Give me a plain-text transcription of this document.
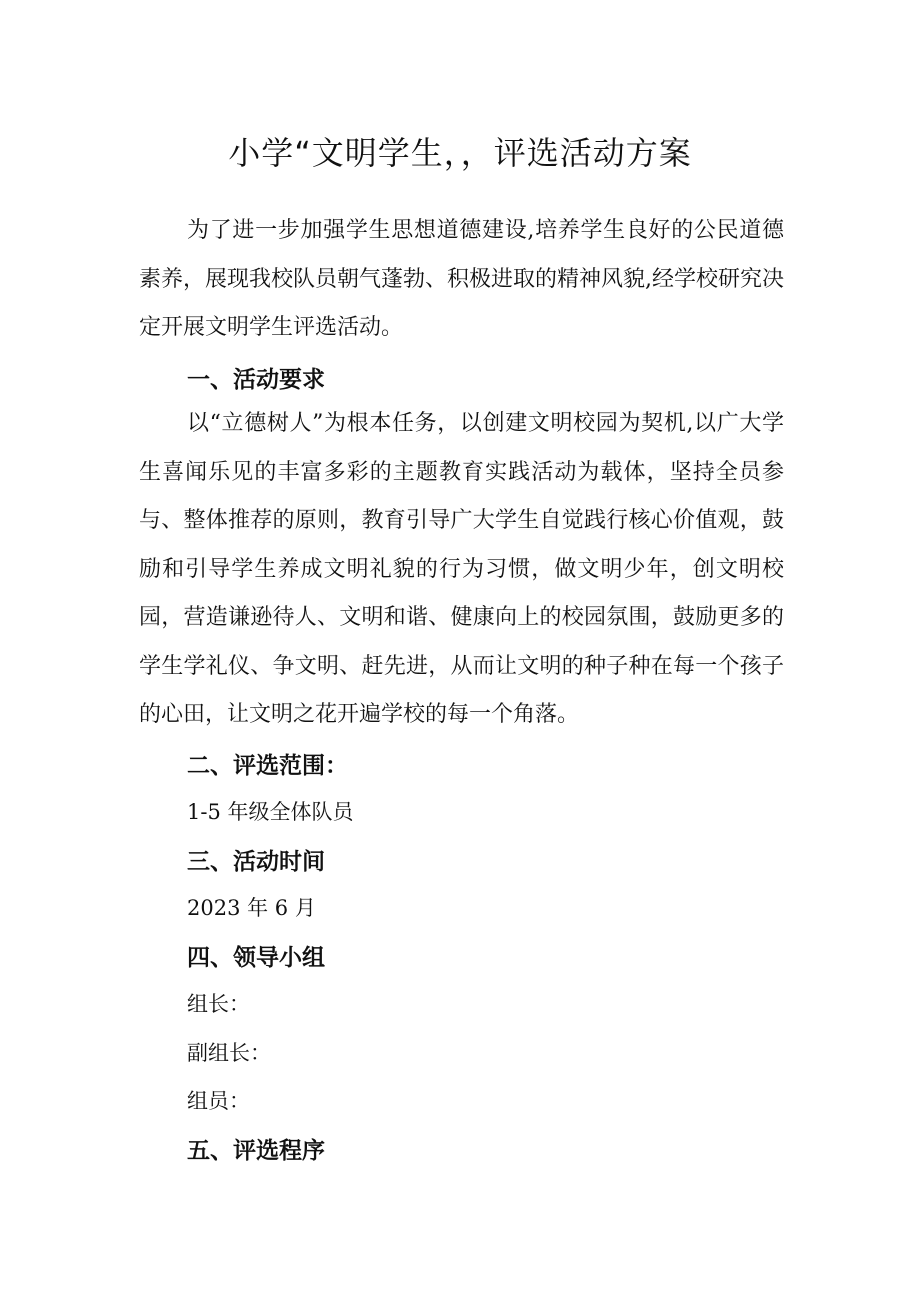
小学“文明学生，，评选活动方案

为了进一步加强学生思想道德建设,培养学生良好的公民道德素养，展现我校队员朝气蓬勃、积极进取的精神风貌,经学校研究决定开展文明学生评选活动。

一、活动要求

以“立德树人”为根本任务，以创建文明校园为契机,以广大学生喜闻乐见的丰富多彩的主题教育实践活动为载体，坚持全员参与、整体推荐的原则，教育引导广大学生自觉践行核心价值观，鼓励和引导学生养成文明礼貌的行为习惯，做文明少年，创文明校园，营造谦逊待人、文明和谐、健康向上的校园氛围，鼓励更多的学生学礼仪、争文明、赶先进，从而让文明的种子种在每一个孩子的心田，让文明之花开遍学校的每一个角落。

二、评选范围：
1-5 年级全体队员
三、活动时间
2023 年 6 月
四、领导小组
组长：
副组长：
组员：
五、评选程序
